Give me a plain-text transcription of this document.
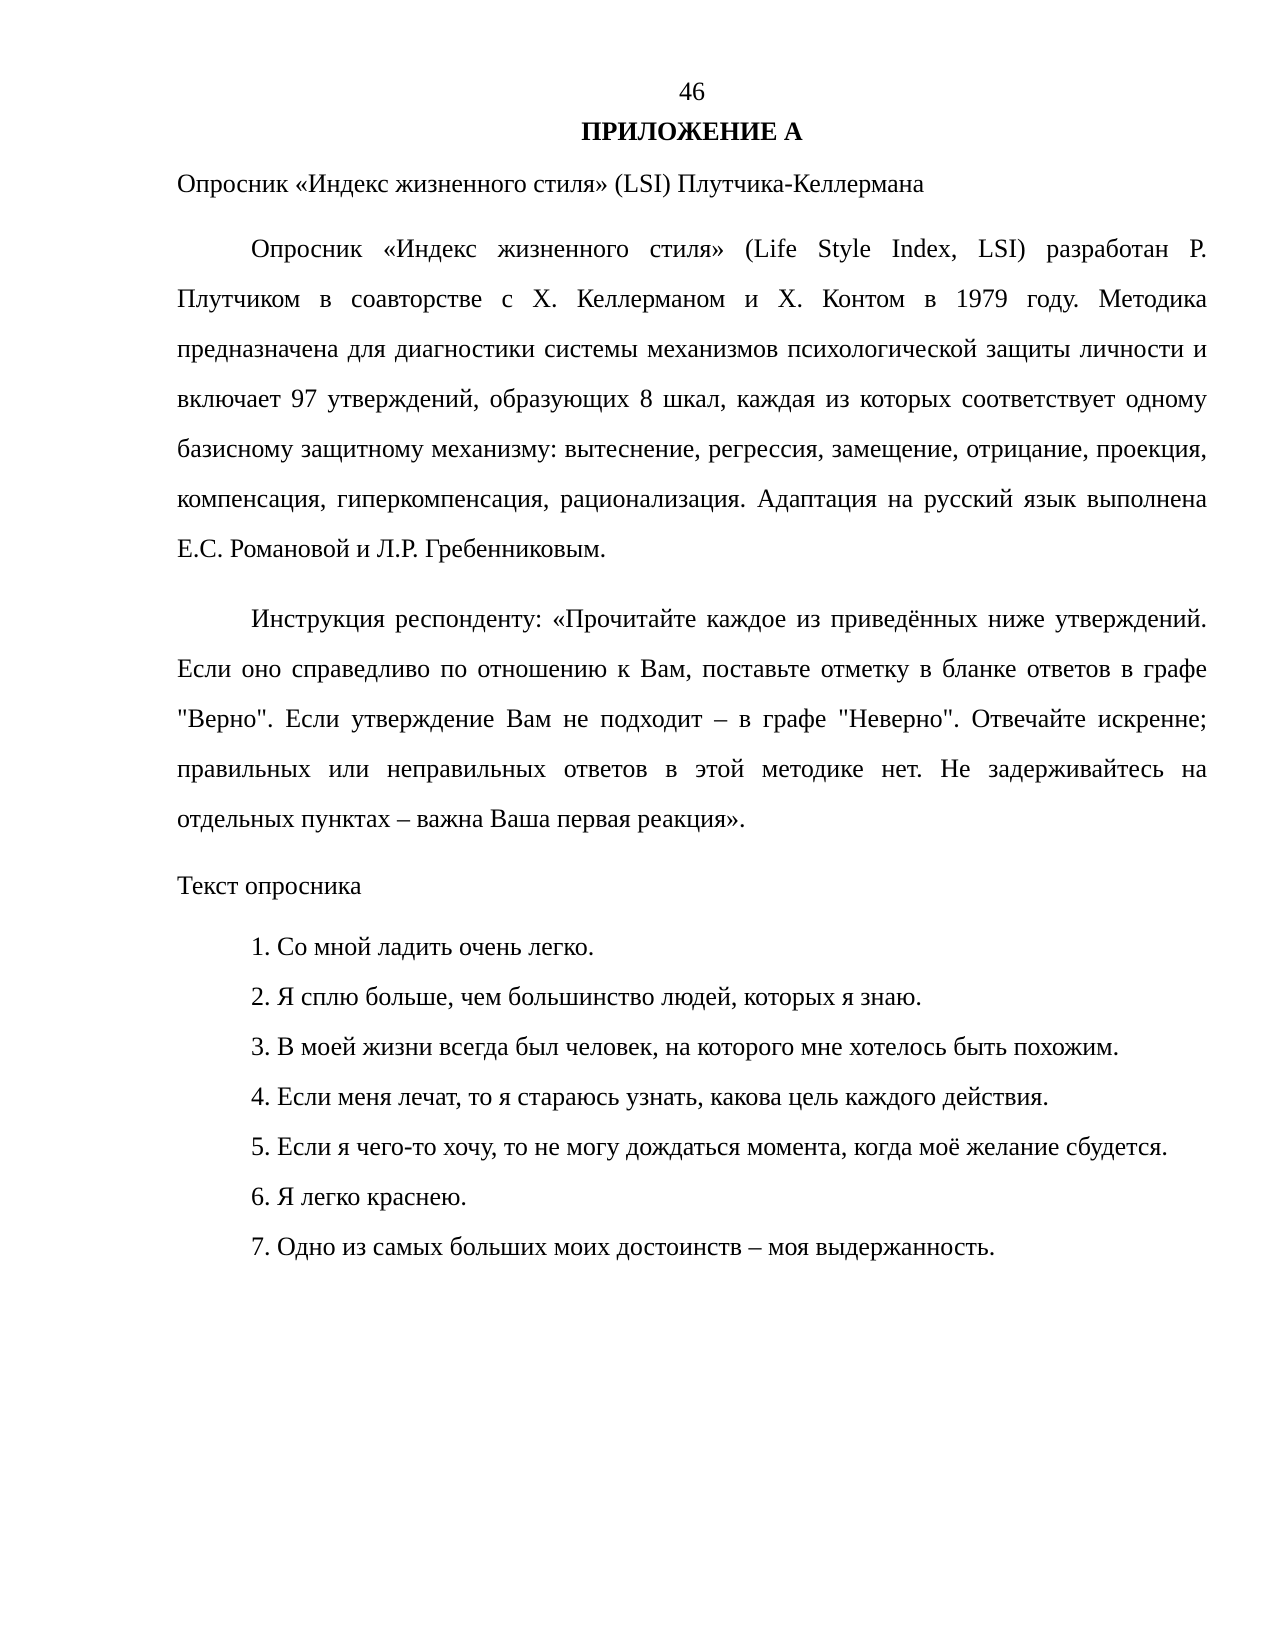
46

ПРИЛОЖЕНИЕ А

Опросник «Индекс жизненного стиля» (LSI) Плутчика-Келлермана

Опросник «Индекс жизненного стиля» (Life Style Index, LSI) разработан Р. Плутчиком в соавторстве с Х. Келлерманом и Х. Контом в 1979 году. Методика предназначена для диагностики системы механизмов психологической защиты личности и включает 97 утверждений, образующих 8 шкал, каждая из которых соответствует одному базисному защитному механизму: вытеснение, регрессия, замещение, отрицание, проекция, компенсация, гиперкомпенсация, рационализация. Адаптация на русский язык выполнена Е.С. Романовой и Л.Р. Гребенниковым.

Инструкция респонденту: «Прочитайте каждое из приведённых ниже утверждений. Если оно справедливо по отношению к Вам, поставьте отметку в бланке ответов в графе "Верно". Если утверждение Вам не подходит – в графе "Неверно". Отвечайте искренне; правильных или неправильных ответов в этой методике нет. Не задерживайтесь на отдельных пунктах – важна Ваша первая реакция».

Текст опросника

1. Со мной ладить очень легко.
2. Я сплю больше, чем большинство людей, которых я знаю.
3. В моей жизни всегда был человек, на которого мне хотелось быть похожим.
4. Если меня лечат, то я стараюсь узнать, какова цель каждого действия.
5. Если я чего-то хочу, то не могу дождаться момента, когда моё желание сбудется.
6. Я легко краснею.
7. Одно из самых больших моих достоинств – моя выдержанность.
